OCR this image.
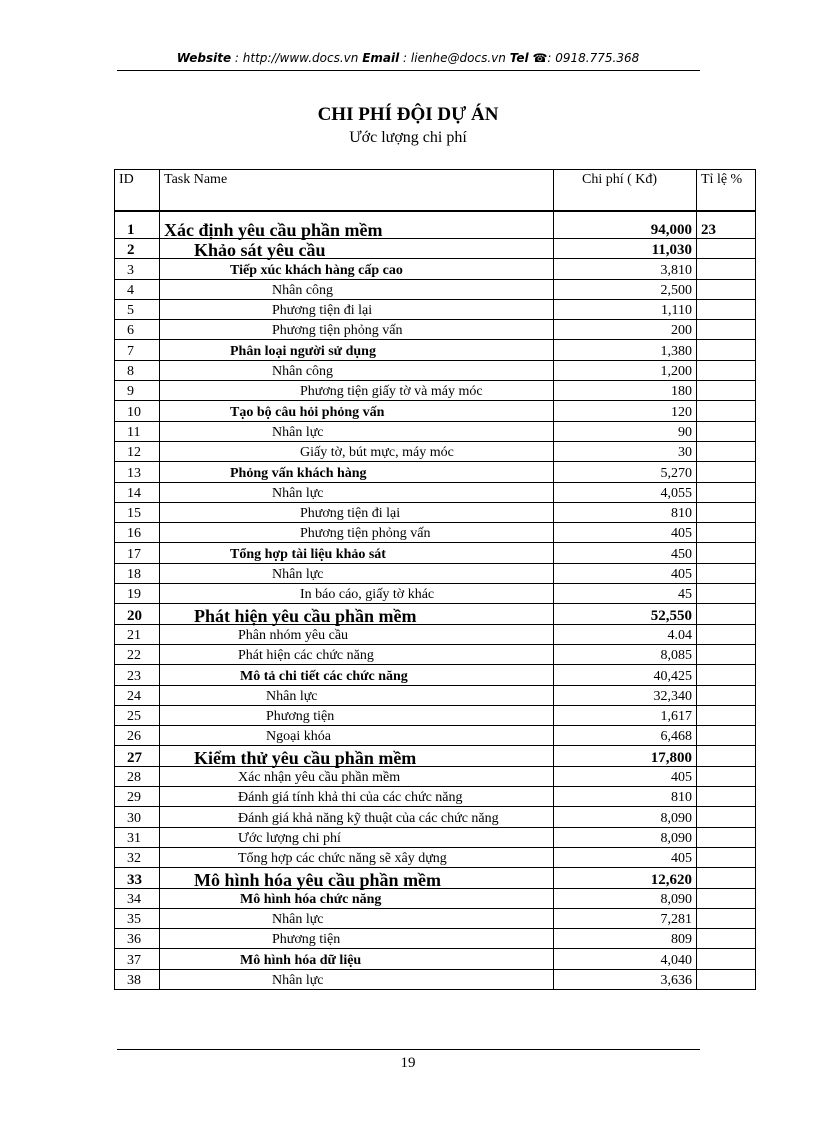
Website : http://www.docs.vn Email : lienhe@docs.vn Tel ☎: 0918.775.368
CHI PHÍ ĐỘI DỰ ÁN
Ước lượng chi phí
ID	Task Name	Chi phí ( Kđ)	Tỉ lệ %
1	Xác định yêu cầu phần mềm	94,000	23
2	Khảo sát yêu cầu	11,030	
3	Tiếp xúc khách hàng cấp cao	3,810	
4	Nhân công	2,500	
5	Phương tiện đi lại	1,110	
6	Phương tiện phỏng vấn	200	
7	Phân loại người sử dụng	1,380	
8	Nhân công	1,200	
9	Phương tiện giấy tờ và máy móc	180	
10	Tạo bộ câu hỏi phỏng vấn	120	
11	Nhân lực	90	
12	Giấy tờ, bút mực, máy móc	30	
13	Phỏng vấn khách hàng	5,270	
14	Nhân lực	4,055	
15	Phương tiện đi lại	810	
16	Phương tiện phỏng vấn	405	
17	Tổng hợp tài liệu khảo sát	450	
18	Nhân lực	405	
19	In báo cáo, giấy tờ khác	45	
20	Phát hiện yêu cầu phần mềm	52,550	
21	Phân nhóm yêu cầu	4.04	
22	Phát hiện các chức năng	8,085	
23	Mô tả chi tiết các chức năng	40,425	
24	Nhân lực	32,340	
25	Phương tiện	1,617	
26	Ngoại khóa	6,468	
27	Kiểm thử yêu cầu phần mềm	17,800	
28	Xác nhận yêu cầu phần mềm	405	
29	Đánh giá tính khả thi của các chức năng	810	
30	Đánh giá khả năng kỹ thuật của các chức năng	8,090	
31	Ước lượng chi phí	8,090	
32	Tổng hợp các chức năng sẽ xây dựng	405	
33	Mô hình hóa yêu cầu phần mềm	12,620	
34	Mô hình hóa chức năng	8,090	
35	Nhân lực	7,281	
36	Phương tiện	809	
37	Mô hình hóa dữ liệu	4,040	
38	Nhân lực	3,636	
19
